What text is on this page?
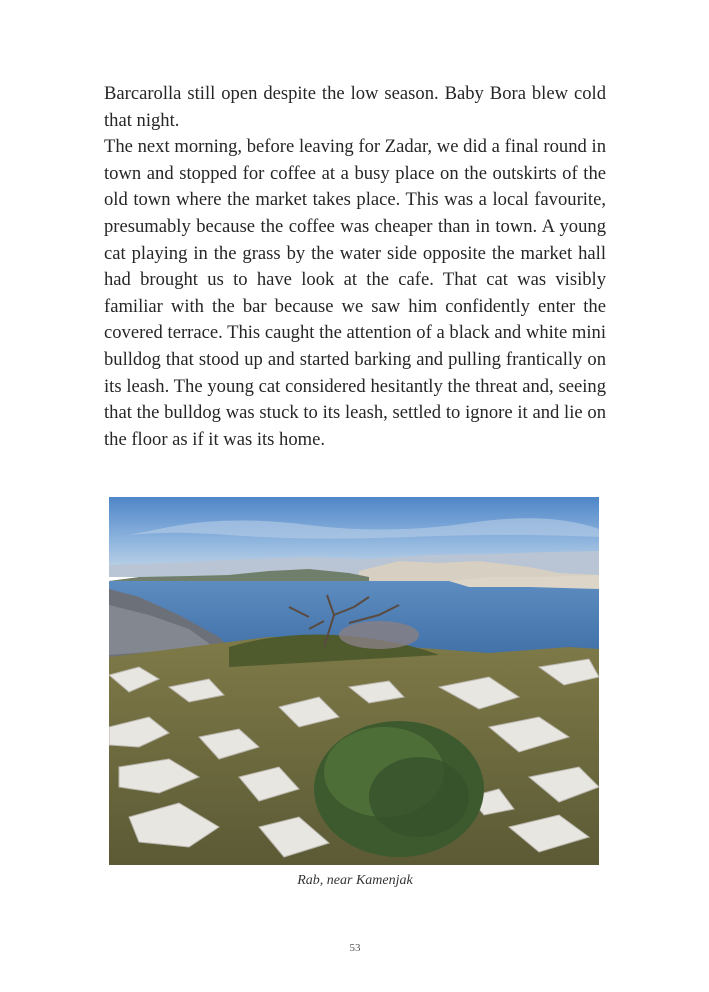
Barcarolla still open despite the low season. Baby Bora blew cold that night.

The next morning, before leaving for Zadar, we did a final round in town and stopped for coffee at a busy place on the outskirts of the old town where the market takes place. This was a local favourite, presumably because the coffee was cheaper than in town. A young cat playing in the grass by the water side opposite the market hall had brought us to have look at the cafe. That cat was visibly familiar with the bar because we saw him confidently enter the covered terrace. This caught the attention of a black and white mini bulldog that stood up and started barking and pulling frantically on its leash. The young cat considered hesitantly the threat and, seeing that the bulldog was stuck to its leash, settled to ignore it and lie on the floor as if it was its home.

Rab, near Kamenjak
53
